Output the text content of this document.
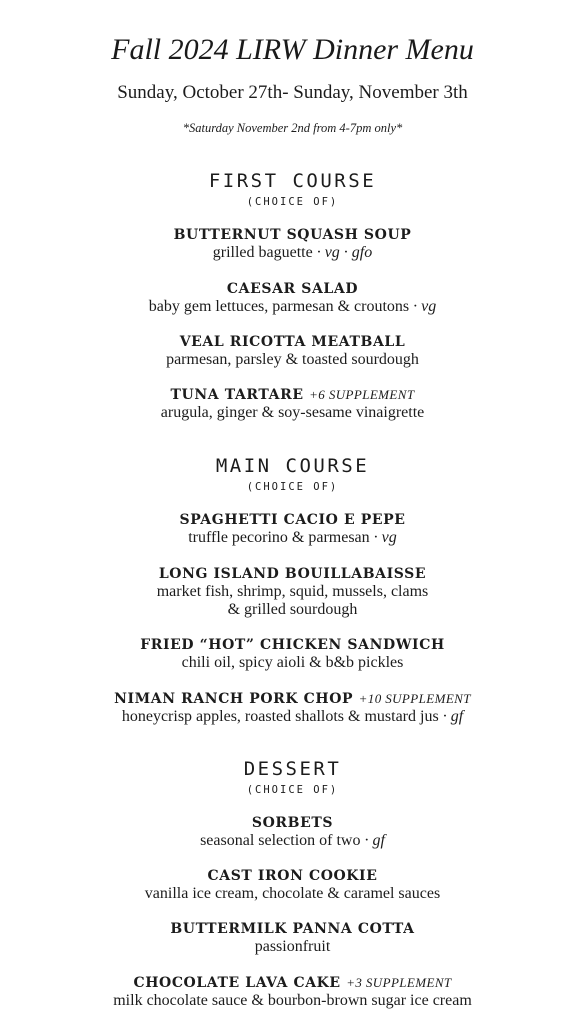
Fall 2024 LIRW Dinner Menu
Sunday, October 27th- Sunday, November 3th
*Saturday November 2nd from 4-7pm only*
FIRST COURSE
(CHOICE OF)
BUTTERNUT SQUASH SOUP
grilled baguette · vg · gfo
CAESAR SALAD
baby gem lettuces, parmesan & croutons · vg
VEAL RICOTTA MEATBALL
parmesan, parsley & toasted sourdough
TUNA TARTARE +6 SUPPLEMENT
arugula, ginger & soy-sesame vinaigrette
MAIN COURSE
(CHOICE OF)
SPAGHETTI CACIO E PEPE
truffle pecorino & parmesan · vg
LONG ISLAND BOUILLABAISSE
market fish, shrimp, squid, mussels, clams
& grilled sourdough
FRIED “HOT” CHICKEN SANDWICH
chili oil, spicy aioli & b&b pickles
NIMAN RANCH PORK CHOP +10 SUPPLEMENT
honeycrisp apples, roasted shallots & mustard jus · gf
DESSERT
(CHOICE OF)
SORBETS
seasonal selection of two · gf
CAST IRON COOKIE
vanilla ice cream, chocolate & caramel sauces
BUTTERMILK PANNA COTTA
passionfruit
CHOCOLATE LAVA CAKE +3 SUPPLEMENT
milk chocolate sauce & bourbon-brown sugar ice cream
